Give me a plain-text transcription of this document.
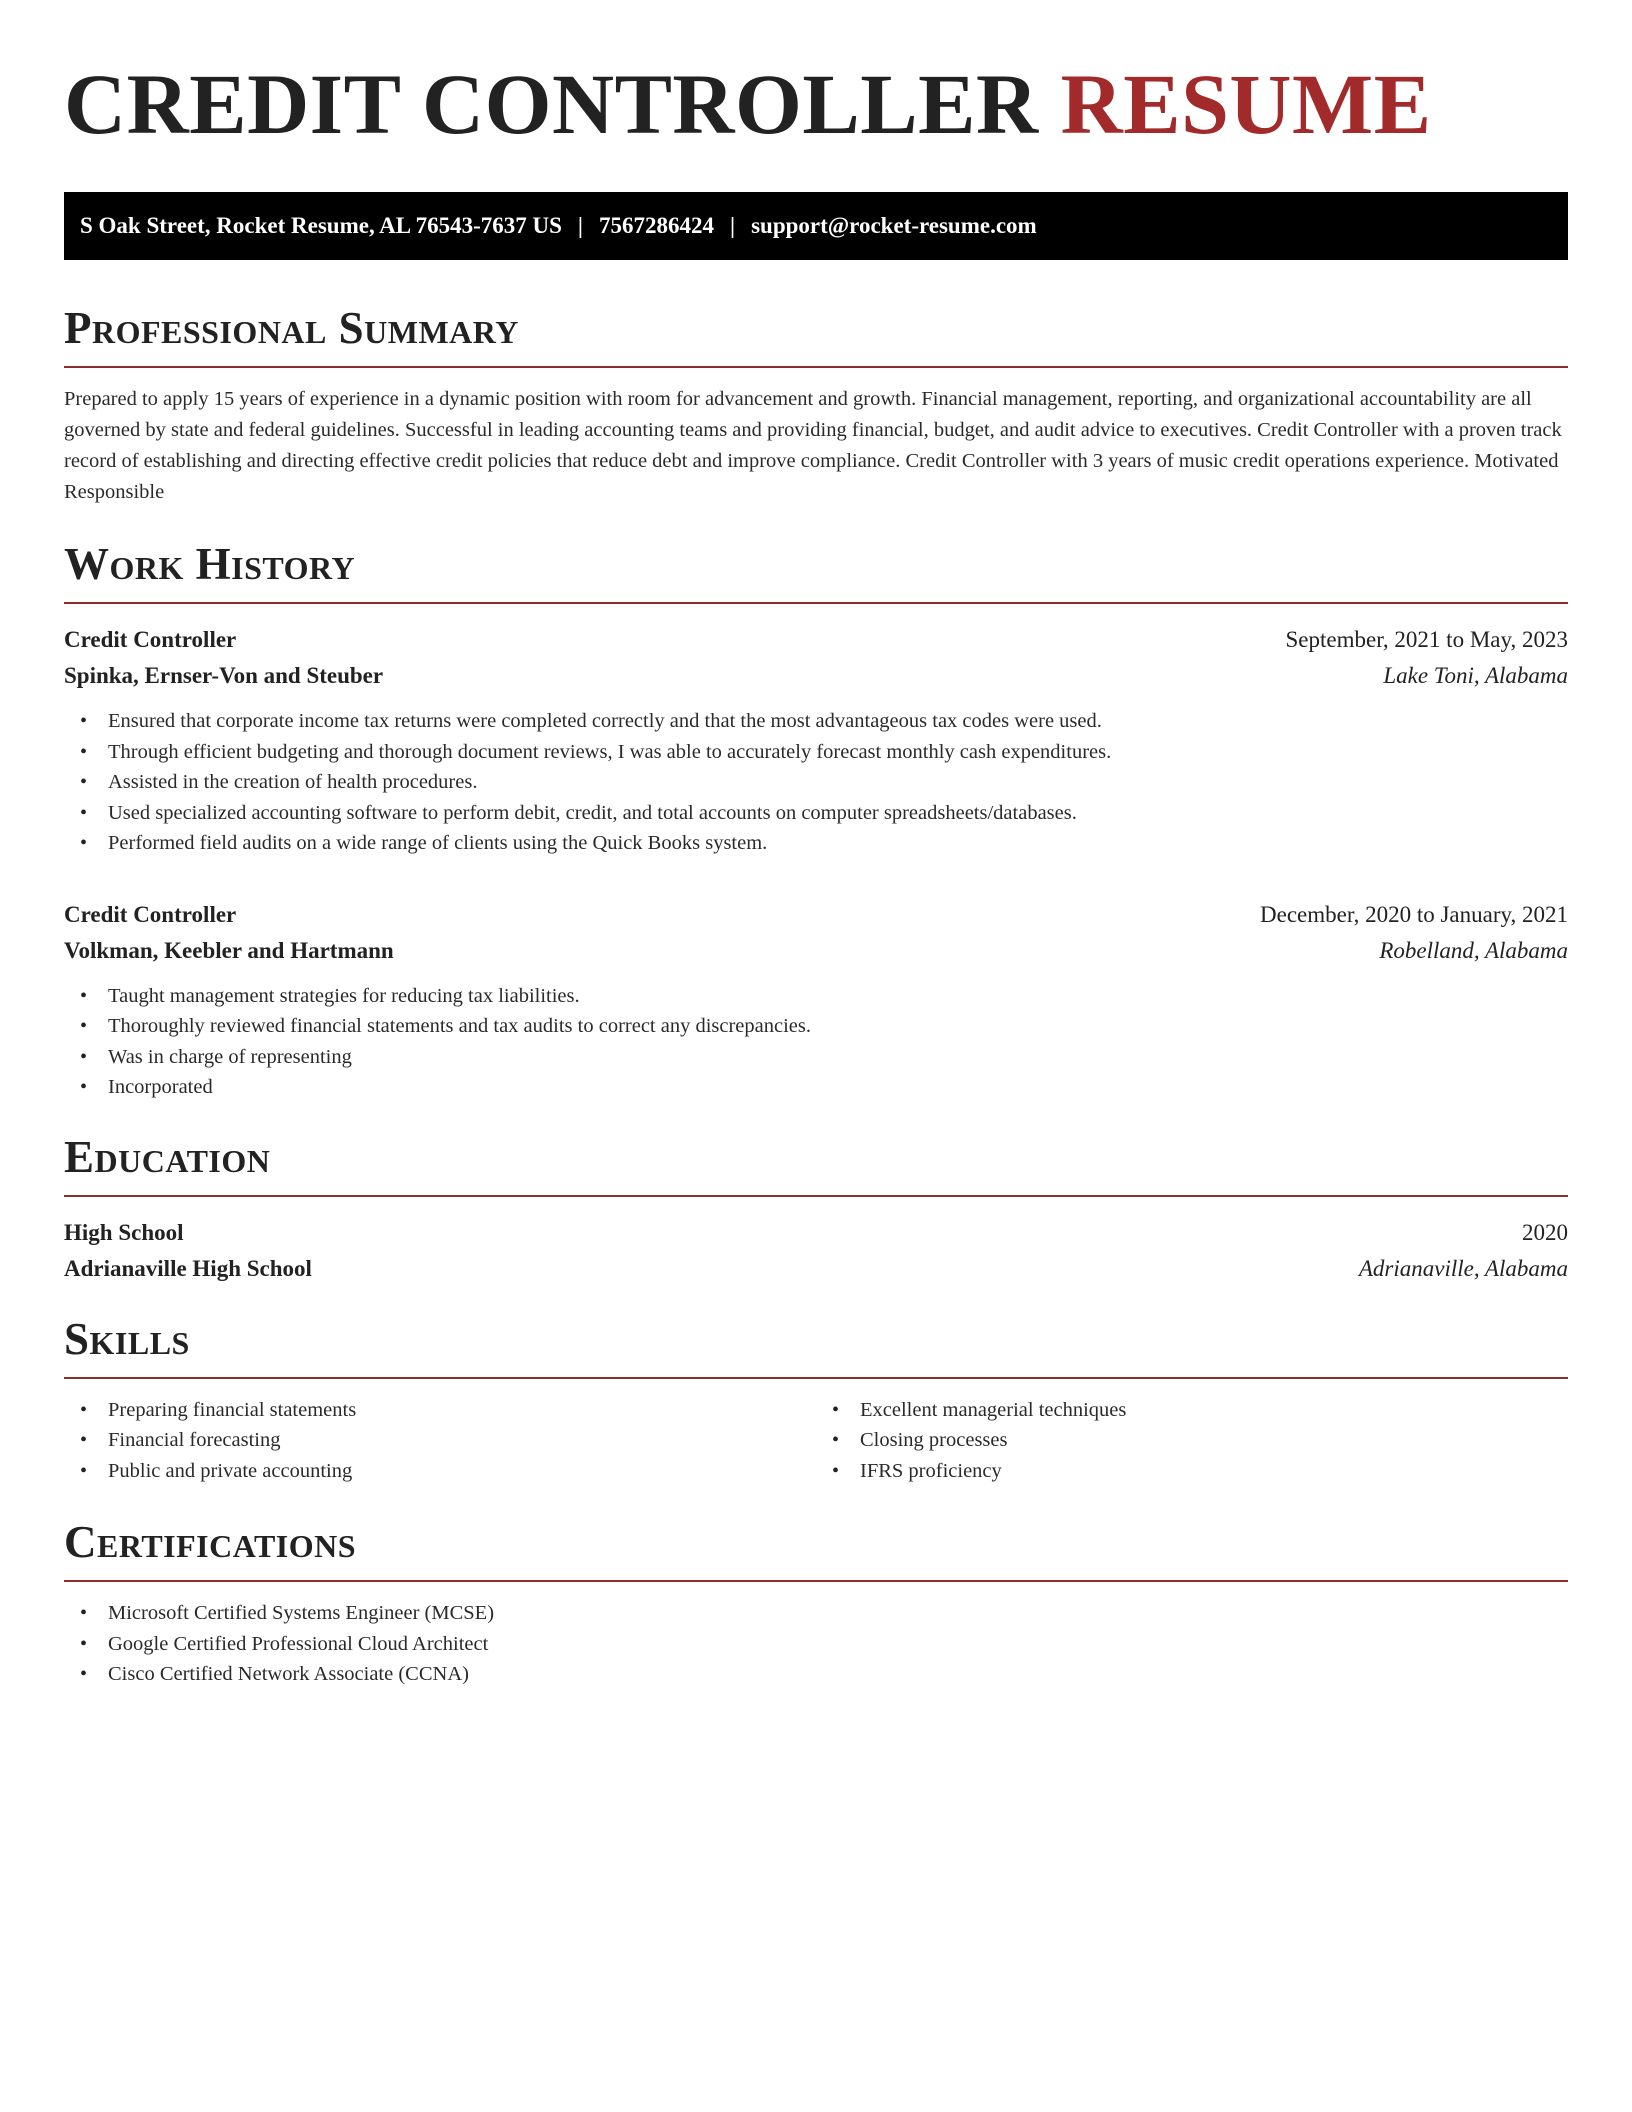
CREDIT CONTROLLER RESUME
S Oak Street, Rocket Resume, AL 76543-7637 US | 7567286424 | support@rocket-resume.com
Professional Summary

Prepared to apply 15 years of experience in a dynamic position with room for advancement and growth. Financial management, reporting, and organizational accountability are all governed by state and federal guidelines. Successful in leading accounting teams and providing financial, budget, and audit advice to executives. Credit Controller with a proven track record of establishing and directing effective credit policies that reduce debt and improve compliance. Credit Controller with 3 years of music credit operations experience. Motivated Responsible

Work History
Credit Controller	September, 2021 to May, 2023
Spinka, Ernser-Von and Steuber	Lake Toni, Alabama
• Ensured that corporate income tax returns were completed correctly and that the most advantageous tax codes were used.
• Through efficient budgeting and thorough document reviews, I was able to accurately forecast monthly cash expenditures.
• Assisted in the creation of health procedures.
• Used specialized accounting software to perform debit, credit, and total accounts on computer spreadsheets/databases.
• Performed field audits on a wide range of clients using the Quick Books system.
Credit Controller	December, 2020 to January, 2021
Volkman, Keebler and Hartmann	Robelland, Alabama
• Taught management strategies for reducing tax liabilities.
• Thoroughly reviewed financial statements and tax audits to correct any discrepancies.
• Was in charge of representing
• Incorporated
Education
High School	2020
Adrianaville High School	Adrianaville, Alabama
Skills
• Preparing financial statements
• Financial forecasting
• Public and private accounting
• Excellent managerial techniques
• Closing processes
• IFRS proficiency
Certifications
• Microsoft Certified Systems Engineer (MCSE)
• Google Certified Professional Cloud Architect
• Cisco Certified Network Associate (CCNA)
